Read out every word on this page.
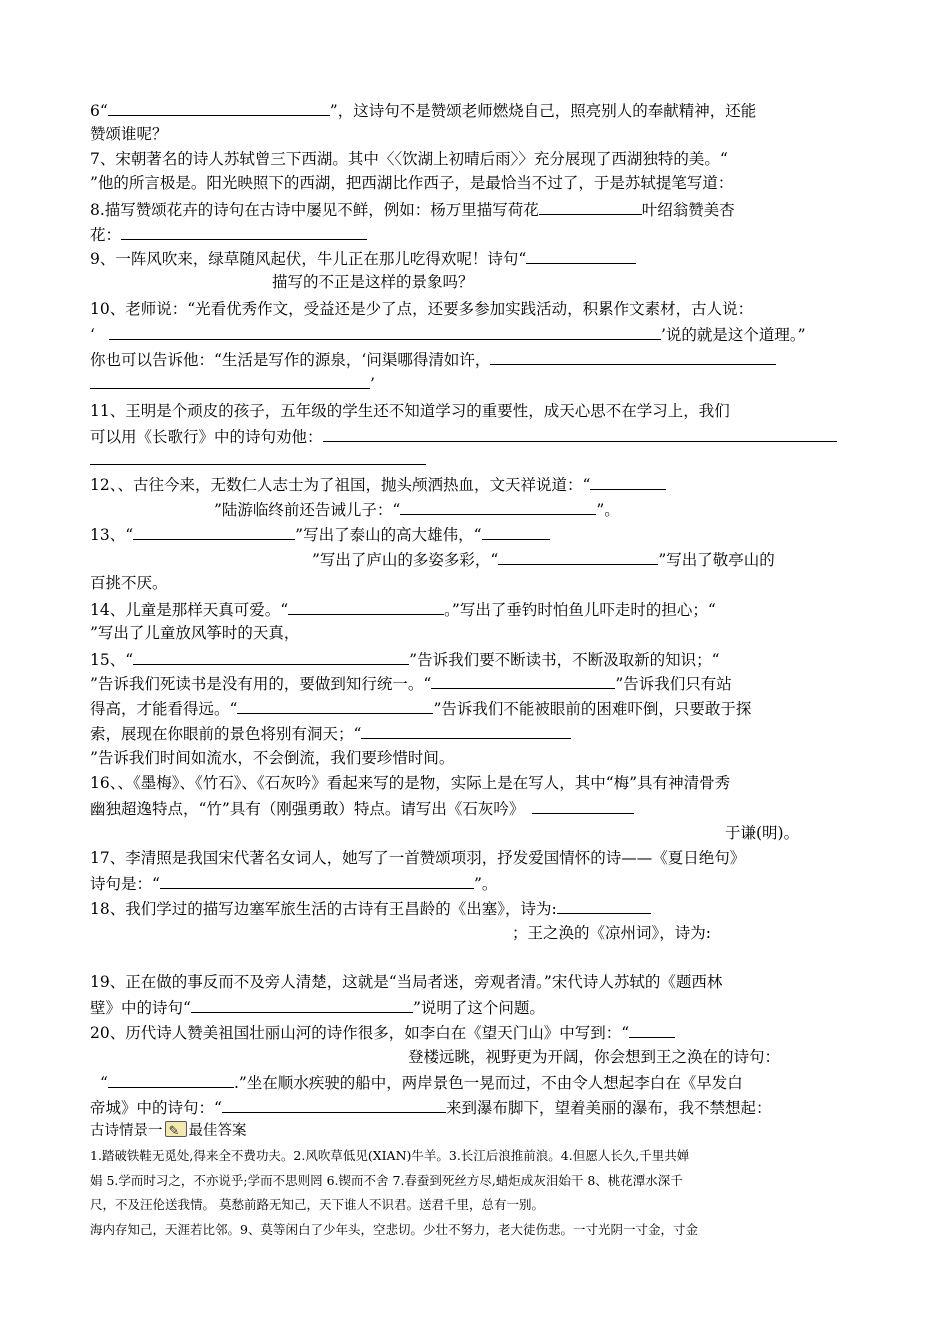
6“	”，这诗句不是赞颂老师燃烧自己，照亮别人的奉献精神，还能
赞颂谁呢？
7、宋朝著名的诗人苏轼曾三下西湖。其中〈〈饮湖上初晴后雨〉〉充分展现了西湖独特的美。“
”他的所言极是。阳光映照下的西湖，把西湖比作西子，是最恰当不过了，于是苏轼提笔写道：
8.描写赞颂花卉的诗句在古诗中屡见不鲜，例如：杨万里描写荷花	叶绍翁赞美杏
花：
9、一阵风吹来，绿草随风起伏，牛儿正在那儿吃得欢呢！诗句“
描写的不正是这样的景象吗？
10、老师说：“光看优秀作文，受益还是少了点，还要多参加实践活动，积累作文素材，古人说：
‘	’说的就是这个道理。”
你也可以告诉他：“生活是写作的源泉，‘问渠哪得清如许，
’
11、王明是个顽皮的孩子，五年级的学生还不知道学习的重要性，成天心思不在学习上，我们
可以用《长歌行》中的诗句劝他：
12、、古往今来，无数仁人志士为了祖国，抛头颅洒热血，文天祥说道：“
”陆游临终前还告诫儿子：“	”。
13、“	”写出了泰山的高大雄伟，“
”写出了庐山的多姿多彩，“	”写出了敬亭山的
百挑不厌。
14、儿童是那样天真可爱。“	。”写出了垂钓时怕鱼儿吓走时的担心；“
”写出了儿童放风筝时的天真，
15、“	”告诉我们要不断读书，不断汲取新的知识；“
”告诉我们死读书是没有用的，要做到知行统一。“	”告诉我们只有站
得高，才能看得远。“	”告诉我们不能被眼前的困难吓倒，只要敢于探
索，展现在你眼前的景色将别有洞天；“
”告诉我们时间如流水，不会倒流，我们要珍惜时间。
16、、《墨梅》、《竹石》、《石灰吟》看起来写的是物，实际上是在写人，其中“梅”具有神清骨秀
幽独超逸特点，“竹”具有（刚强勇敢）特点。请写出《石灰吟》
于谦(明)。
17、李清照是我国宋代著名女词人，她写了一首赞颂项羽，抒发爱国情怀的诗——《夏日绝句》
诗句是：“	”。
18、我们学过的描写边塞军旅生活的古诗有王昌龄的《出塞》，诗为:
；王之涣的《凉州词》，诗为:
19、正在做的事反而不及旁人清楚，这就是“当局者迷，旁观者清。”宋代诗人苏轼的《题西林
壁》中的诗句“	”说明了这个问题。
20、历代诗人赞美祖国壮丽山河的诗作很多，如李白在《望天门山》中写到：“
登楼远眺，视野更为开阔，你会想到王之涣在的诗句：
“	.”坐在顺水疾驶的船中，两岸景色一晃而过，不由令人想起李白在《早发白
帝城》中的诗句：“	来到瀑布脚下，望着美丽的瀑布，我不禁想起：
古诗情景一✎ 最佳答案
1.踏破铁鞋无觅处,得来全不费功夫。2.风吹草低见(XIAN)牛羊。3.长江后浪推前浪。4.但愿人长久,千里共婵
娟 5.学而时习之，不亦说乎;学而不思则罔 6.锲而不舍 7.春蚕到死丝方尽,蜡炬成灰泪始干 8、桃花潭水深千
尺，不及汪伦送我情。 莫愁前路无知己，天下谁人不识君。送君千里，总有一别。
海内存知己，天涯若比邻。9、莫等闲白了少年头，空悲切。少壮不努力，老大徒伤悲。一寸光阴一寸金，寸金
